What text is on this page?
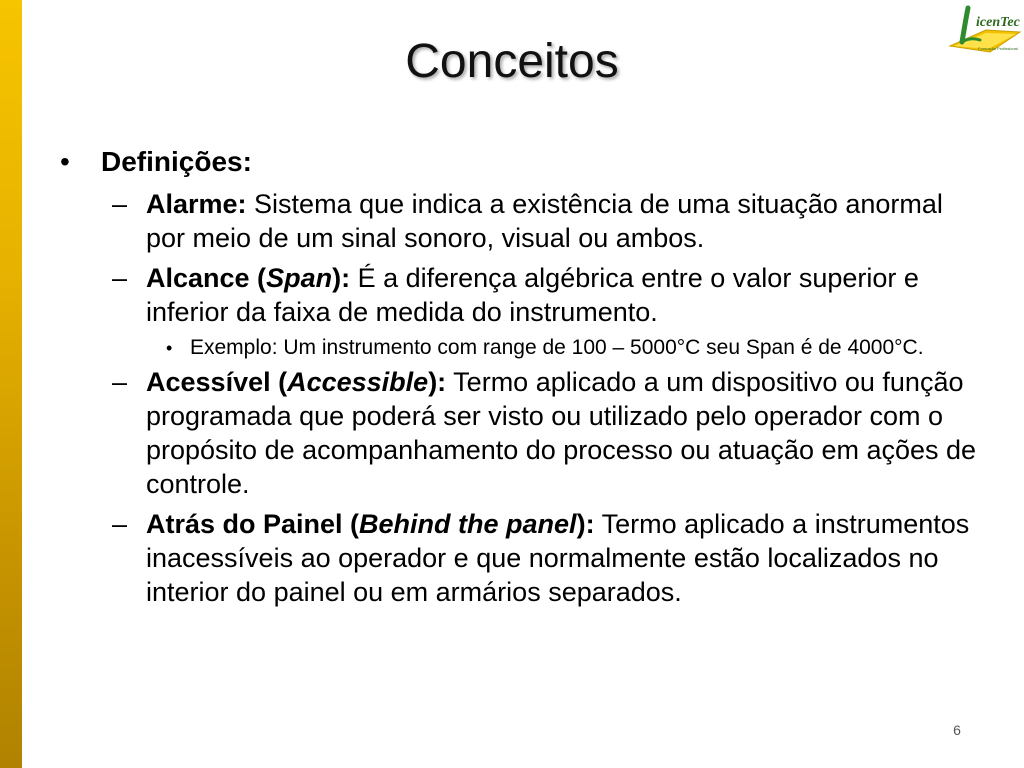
Conceitos
icenTec
Formação Profissional
• Definições:
– Alarme: Sistema que indica a existência de uma situação anormal por meio de um sinal sonoro, visual ou ambos.
– Alcance (Span): É a diferença algébrica entre o valor superior e inferior da faixa de medida do instrumento.
• Exemplo: Um instrumento com range de 100 – 5000°C seu Span é de 4000°C.
– Acessível (Accessible): Termo aplicado a um dispositivo ou função programada que poderá ser visto ou utilizado pelo operador com o propósito de acompanhamento do processo ou atuação em ações de controle.
– Atrás do Painel (Behind the panel): Termo aplicado a instrumentos inacessíveis ao operador e que normalmente estão localizados no interior do painel ou em armários separados.
6
